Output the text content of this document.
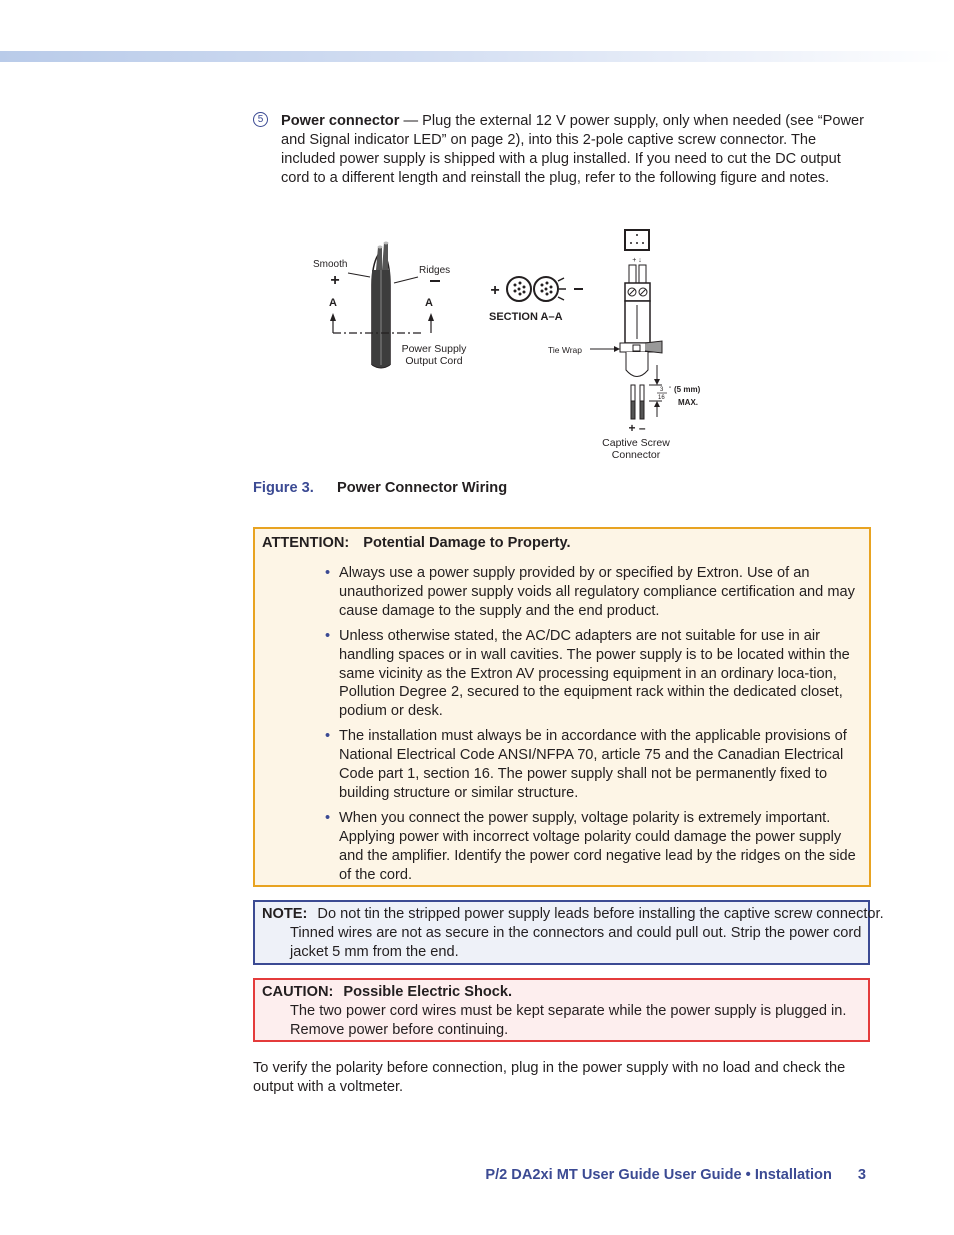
5	Power connector — Plug the external 12 V power supply, only when needed (see “Power and Signal indicator LED” on page 2), into this 2-pole captive screw connector. The included power supply is shipped with a plug installed. If you need to cut the DC output cord to a different length and reinstall the plug, refer to the following figure and notes.
+
+
+ ↓
3
16
" (5 mm)
MAX.
+ –
Smooth
Ridges
A	A
Power Supply Output Cord
SECTION A–A
Tie Wrap
Captive Screw Connector
Figure 3. Power Connector Wiring
ATTENTION: Potential Damage to Property.
• Always use a power supply provided by or specified by Extron. Use of an unauthorized power supply voids all regulatory compliance certification and may cause damage to the supply and the end product.
• Unless otherwise stated, the AC/DC adapters are not suitable for use in air handling spaces or in wall cavities. The power supply is to be located within the same vicinity as the Extron AV processing equipment in an ordinary loca-tion, Pollution Degree 2, secured to the equipment rack within the dedicated closet, podium or desk.
• The installation must always be in accordance with the applicable provisions of National Electrical Code ANSI/NFPA 70, article 75 and the Canadian Electrical Code part 1, section 16. The power supply shall not be permanently fixed to building structure or similar structure.
• When you connect the power supply, voltage polarity is extremely important. Applying power with incorrect voltage polarity could damage the power supply and the amplifier. Identify the power cord negative lead by the ridges on the side of the cord.
NOTE: Do not tin the stripped power supply leads before installing the captive screw connector. Tinned wires are not as secure in the connectors and could pull out. Strip the power cord jacket 5 mm from the end.
CAUTION: Possible Electric Shock.
The two power cord wires must be kept separate while the power supply is plugged in. Remove power before continuing.
To verify the polarity before connection, plug in the power supply with no load and check the output with a voltmeter.
P/2 DA2xi MT User Guide User Guide • Installation 3
